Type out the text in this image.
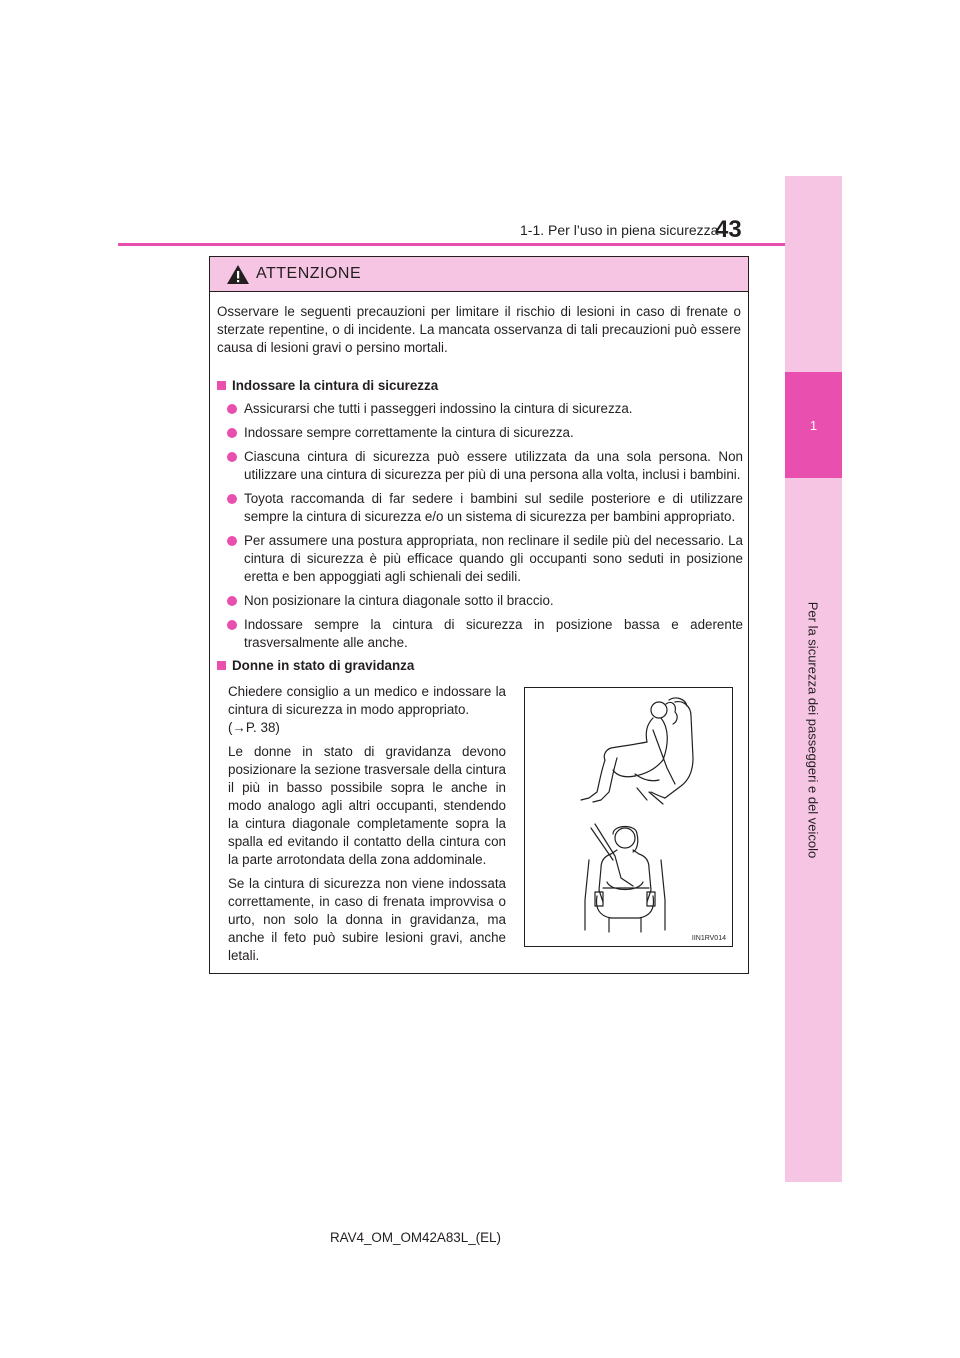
1
Per la sicurezza dei passeggeri e del veicolo
43
1-1. Per l’uso in piena sicurezza
ATTENZIONE
Osservare le seguenti precauzioni per limitare il rischio di lesioni in caso di frenate o sterzate repentine, o di incidente. La mancata osservanza di tali precauzioni può essere causa di lesioni gravi o persino mortali.
Indossare la cintura di sicurezza
Assicurarsi che tutti i passeggeri indossino la cintura di sicurezza.
Indossare sempre correttamente la cintura di sicurezza.
Ciascuna cintura di sicurezza può essere utilizzata da una sola persona. Non utilizzare una cintura di sicurezza per più di una persona alla volta, inclusi i bambini.
Toyota raccomanda di far sedere i bambini sul sedile posteriore e di utilizzare sempre la cintura di sicurezza e/o un sistema di sicurezza per bambini appropriato.
Per assumere una postura appropriata, non reclinare il sedile più del necessario. La cintura di sicurezza è più efficace quando gli occupanti sono seduti in posizione eretta e ben appoggiati agli schienali dei sedili.
Non posizionare la cintura diagonale sotto il braccio.
Indossare sempre la cintura di sicurezza in posizione bassa e aderente trasversalmente alle anche.
Donne in stato di gravidanza
Chiedere consiglio a un medico e indossare la cintura di sicurezza in modo appropriato.
(→P. 38)
Le donne in stato di gravidanza devono posizionare la sezione trasversale della cintura il più in basso possibile sopra le anche in modo analogo agli altri occupanti, stendendo la cintura diagonale completamente sopra la spalla ed evitando il contatto della cintura con la parte arrotondata della zona addominale.
Se la cintura di sicurezza non viene indossata correttamente, in caso di frenata improvvisa o urto, non solo la donna in gravidanza, ma anche il feto può subire lesioni gravi, anche letali.
IIN1RV014
RAV4_OM_OM42A83L_(EL)
